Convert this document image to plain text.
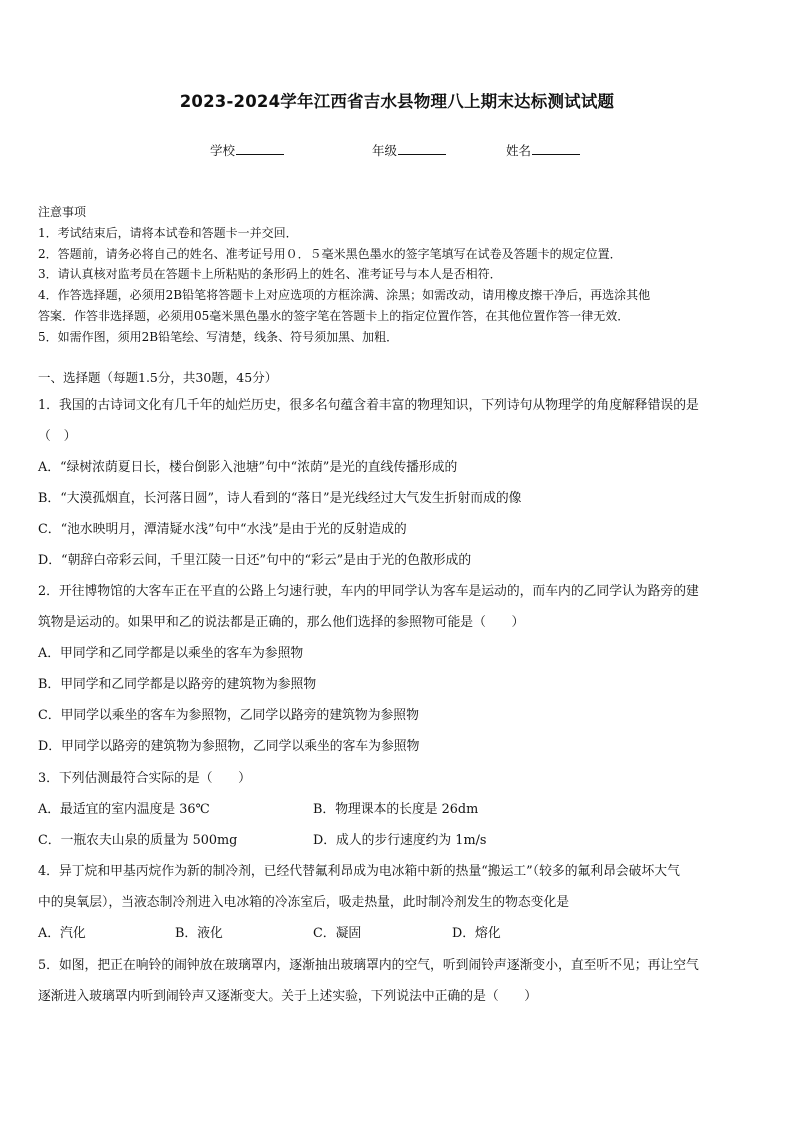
2023-2024学年江西省吉水县物理八上期末达标测试试题
学校	年级	姓名

注意事项

1．考试结束后，请将本试卷和答题卡一并交回．

2．答题前，请务必将自己的姓名、准考证号用０．５毫米黑色墨水的签字笔填写在试卷及答题卡的规定位置．

3．请认真核对监考员在答题卡上所粘贴的条形码上的姓名、准考证号与本人是否相符．

4．作答选择题，必须用2B铅笔将答题卡上对应选项的方框涂满、涂黑；如需改动，请用橡皮擦干净后，再选涂其他

答案．作答非选择题，必须用05毫米黑色墨水的签字笔在答题卡上的指定位置作答，在其他位置作答一律无效．

5．如需作图，须用2B铅笔绘、写清楚，线条、符号须加黑、加粗．

一、选择题（每题1.5分，共30题，45分）
1．我国的古诗词文化有几千年的灿烂历史，很多名句蕴含着丰富的物理知识，下列诗句从物理学的角度解释错误的是
（　）
A．“绿树浓荫夏日长，楼台倒影入池塘”句中“浓荫”是光的直线传播形成的
B．“大漠孤烟直，长河落日圆”，诗人看到的“落日”是光线经过大气发生折射而成的像
C．“池水映明月，潭清疑水浅”句中“水浅”是由于光的反射造成的
D．“朝辞白帝彩云间，千里江陵一日还”句中的“彩云”是由于光的色散形成的
2．开往博物馆的大客车正在平直的公路上匀速行驶，车内的甲同学认为客车是运动的，而车内的乙同学认为路旁的建
筑物是运动的。如果甲和乙的说法都是正确的，那么他们选择的参照物可能是（　　）
A．甲同学和乙同学都是以乘坐的客车为参照物
B．甲同学和乙同学都是以路旁的建筑物为参照物
C．甲同学以乘坐的客车为参照物，乙同学以路旁的建筑物为参照物
D．甲同学以路旁的建筑物为参照物，乙同学以乘坐的客车为参照物
3．下列估测最符合实际的是（　　）
A．最适宜的室内温度是 36℃	B．物理课本的长度是 26dm
C．一瓶农夫山泉的质量为 500mg	D．成人的步行速度约为 1m/s
4．异丁烷和甲基丙烷作为新的制冷剂，已经代替氟利昂成为电冰箱中新的热量“搬运工”（较多的氟利昂会破坏大气
中的臭氧层），当液态制冷剂进入电冰箱的冷冻室后，吸走热量，此时制冷剂发生的物态变化是
A．汽化	B．液化	C．凝固	D．熔化
5．如图，把正在响铃的闹钟放在玻璃罩内，逐渐抽出玻璃罩内的空气，听到闹铃声逐渐变小，直至听不见；再让空气
逐渐进入玻璃罩内听到闹铃声又逐渐变大。关于上述实验，下列说法中正确的是（　　）
